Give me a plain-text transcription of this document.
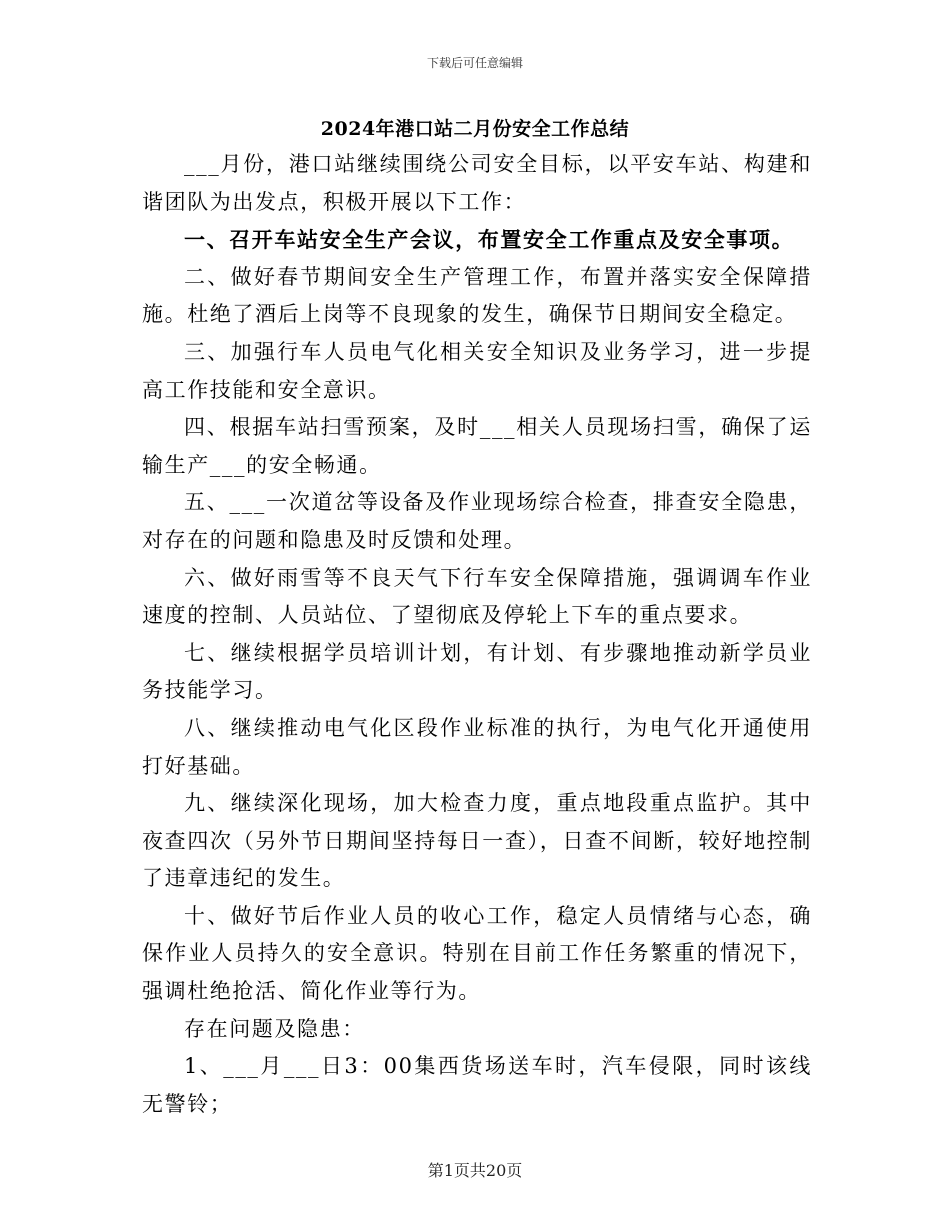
下载后可任意编辑
2024年港口站二月份安全工作总结

___月份，港口站继续围绕公司安全目标，以平安车站、构建和谐团队为出发点，积极开展以下工作：

一、召开车站安全生产会议，布置安全工作重点及安全事项。

二、做好春节期间安全生产管理工作，布置并落实安全保障措施。杜绝了酒后上岗等不良现象的发生，确保节日期间安全稳定。

三、加强行车人员电气化相关安全知识及业务学习，进一步提高工作技能和安全意识。

四、根据车站扫雪预案，及时___相关人员现场扫雪，确保了运输生产___的安全畅通。

五、___一次道岔等设备及作业现场综合检查，排查安全隐患，对存在的问题和隐患及时反馈和处理。

六、做好雨雪等不良天气下行车安全保障措施，强调调车作业速度的控制、人员站位、了望彻底及停轮上下车的重点要求。

七、继续根据学员培训计划，有计划、有步骤地推动新学员业务技能学习。

八、继续推动电气化区段作业标准的执行，为电气化开通使用打好基础。

九、继续深化现场，加大检查力度，重点地段重点监护。其中夜查四次（另外节日期间坚持每日一查），日查不间断，较好地控制了违章违纪的发生。

十、做好节后作业人员的收心工作，稳定人员情绪与心态，确保作业人员持久的安全意识。特别在目前工作任务繁重的情况下，强调杜绝抢活、简化作业等行为。

存在问题及隐患：

1、___月___日3：00集西货场送车时，汽车侵限，同时该线无警铃；

第1页共20页
